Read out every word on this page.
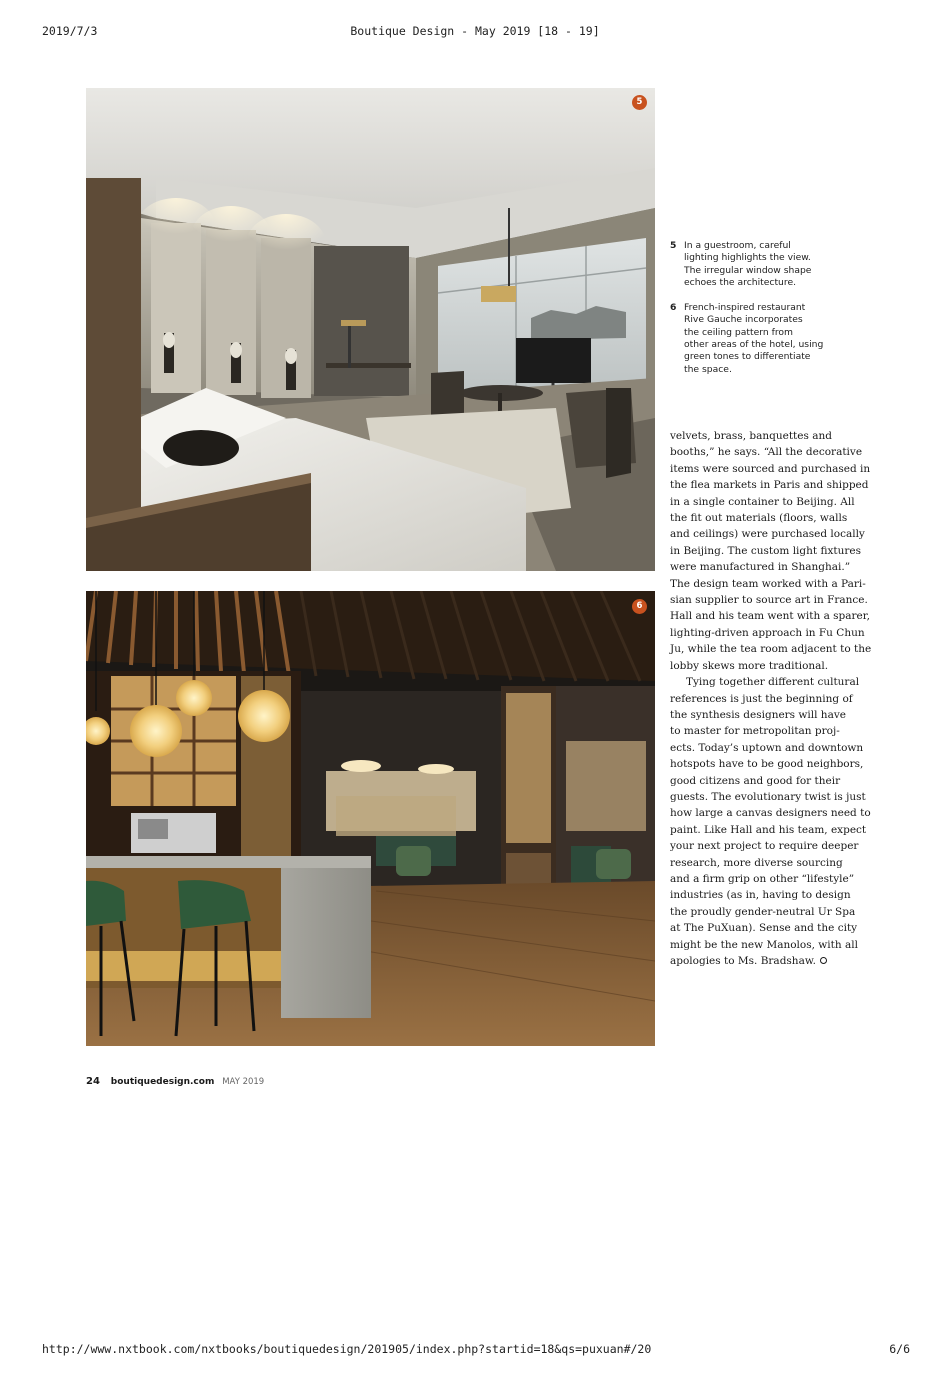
2019/7/3	Boutique Design - May 2019 [18 - 19]
5
6
5 In a guestroom, careful
lighting highlights the view.
The irregular window shape
echoes the architecture.
6 French-inspired restaurant
Rive Gauche incorporates
the ceiling pattern from
other areas of the hotel, using
green tones to differentiate
the space.
velvets, brass, banquettes and
booths,” he says. “All the decorative
items were sourced and purchased in
the flea markets in Paris and shipped
in a single container to Beijing. All
the fit out materials (floors, walls
and ceilings) were purchased locally
in Beijing. The custom light fixtures
were manufactured in Shanghai.”
The design team worked with a Pari-
sian supplier to source art in France.
Hall and his team went with a sparer,
lighting-driven approach in Fu Chun
Ju, while the tea room adjacent to the
lobby skews more traditional.
Tying together different cultural
references is just the beginning of
the synthesis designers will have
to master for metropolitan proj-
ects. Today’s uptown and downtown
hotspots have to be good neighbors,
good citizens and good for their
guests. The evolutionary twist is just
how large a canvas designers need to
paint. Like Hall and his team, expect
your next project to require deeper
research, more diverse sourcing
and a firm grip on other “lifestyle”
industries (as in, having to design
the proudly gender-neutral Ur Spa
at The PuXuan). Sense and the city
might be the new Manolos, with all
apologies to Ms. Bradshaw.
24 boutiquedesign.com MAY 2019
http://www.nxtbook.com/nxtbooks/boutiquedesign/201905/index.php?startid=18&qs=puxuan#/20	6/6
